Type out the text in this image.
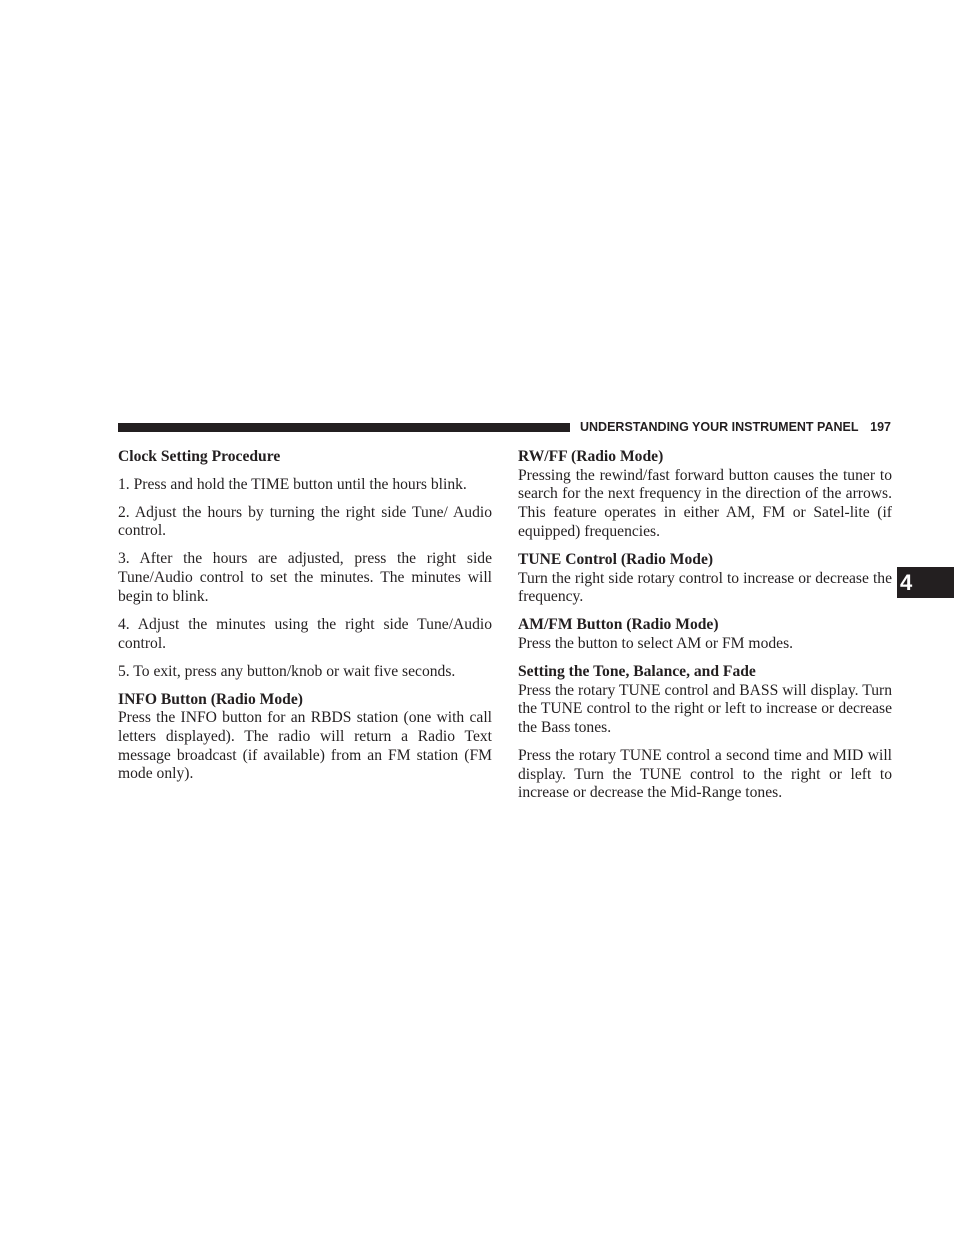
UNDERSTANDING YOUR INSTRUMENT PANEL 197
4
Clock Setting Procedure

1. Press and hold the TIME button until the hours blink.

2. Adjust the hours by turning the right side Tune/ Audio control.

3. After the hours are adjusted, press the right side Tune/Audio control to set the minutes. The minutes will begin to blink.

4. Adjust the minutes using the right side Tune/Audio control.

5. To exit, press any button/knob or wait five seconds.

INFO Button (Radio Mode)

Press the INFO button for an RBDS station (one with call letters displayed). The radio will return a Radio Text message broadcast (if available) from an FM station (FM mode only).

RW/FF (Radio Mode)

Pressing the rewind/fast forward button causes the tuner to search for the next frequency in the direction of the arrows. This feature operates in either AM, FM or Satel-lite (if equipped) frequencies.

TUNE Control (Radio Mode)

Turn the right side rotary control to increase or decrease the frequency.

AM/FM Button (Radio Mode)

Press the button to select AM or FM modes.

Setting the Tone, Balance, and Fade

Press the rotary TUNE control and BASS will display. Turn the TUNE control to the right or left to increase or decrease the Bass tones.

Press the rotary TUNE control a second time and MID will display. Turn the TUNE control to the right or left to increase or decrease the Mid-Range tones.
